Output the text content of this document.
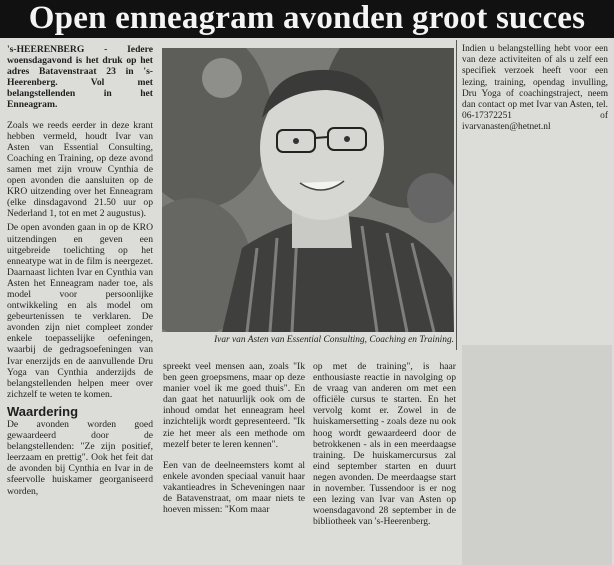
Open enneagram avonden groot succes

's-HEERENBERG - Iedere woensdagavond is het druk op het adres Batavenstraat 23 in 's-Heerenberg. Vol met belangstellenden in het Enneagram.

Zoals we reeds eerder in deze krant hebben vermeld, houdt Ivar van Asten van Essential Consulting, Coaching en Training, op deze avond samen met zijn vrouw Cynthia de open avonden die aansluiten op de KRO uitzending over het Enneagram (elke dinsdagavond 21.50 uur op Nederland 1, tot en met 2 augustus).

De open avonden gaan in op de KRO uitzendingen en geven een uitgebreide toelichting op het enneatype wat in de film is neergezet. Daarnaast lichten Ivar en Cynthia van Asten het Enneagram nader toe, als model voor persoonlijke ontwikkeling en als model om gebeurtenissen te verklaren. De avonden zijn niet compleet zonder enkele toepasselijke oefeningen, waarbij de gedragsoefeningen van Ivar enerzijds en de aanvullende Dru Yoga van Cynthia anderzijds de belangstellenden helpen meer over zichzelf te weten te komen.

Waardering

De avonden worden goed gewaardeerd door de belangstellenden: "Ze zijn positief, leerzaam en prettig". Ook het feit dat de avonden bij Cynthia en Ivar in de sfeervolle huiskamer georganiseerd worden,

Ivar van Asten van Essential Consulting, Coaching en Training.

spreekt veel mensen aan, zoals "Ik ben geen groepsmens, maar op deze manier voel ik me goed thuis". En dan gaat het natuurlijk ook om de inhoud omdat het enneagram heel inzichtelijk wordt gepresenteerd. "Ik zie het meer als een methode om mezelf beter te leren kennen".

Een van de deelneemsters komt al enkele avonden speciaal vanuit haar vakantieadres in Scheveningen naar de Batavenstraat, om maar niets te hoeven missen: "Kom maar

op met de training", is haar enthousiaste reactie in navolging op de vraag van anderen om met een officiële cursus te starten. En het vervolg komt er. Zowel in de huiskamersetting - zoals deze nu ook hoog wordt gewaardeerd door de betrokkenen - als in een meerdaagse training. De huiskamercursus zal eind september starten en duurt negen avonden. De meerdaagse start in november. Tussendoor is er nog een lezing van Ivar van Asten op woensdagavond 28 september in de bibliotheek van 's-Heerenberg.

Indien u belangstelling hebt voor een van deze activiteiten of als u zelf een specifiek verzoek heeft voor een lezing, training, opendag invulling, Dru Yoga of coachingstraject, neem dan contact op met Ivar van Asten, tel. 06-17372251 of ivarvanasten@hetnet.nl
